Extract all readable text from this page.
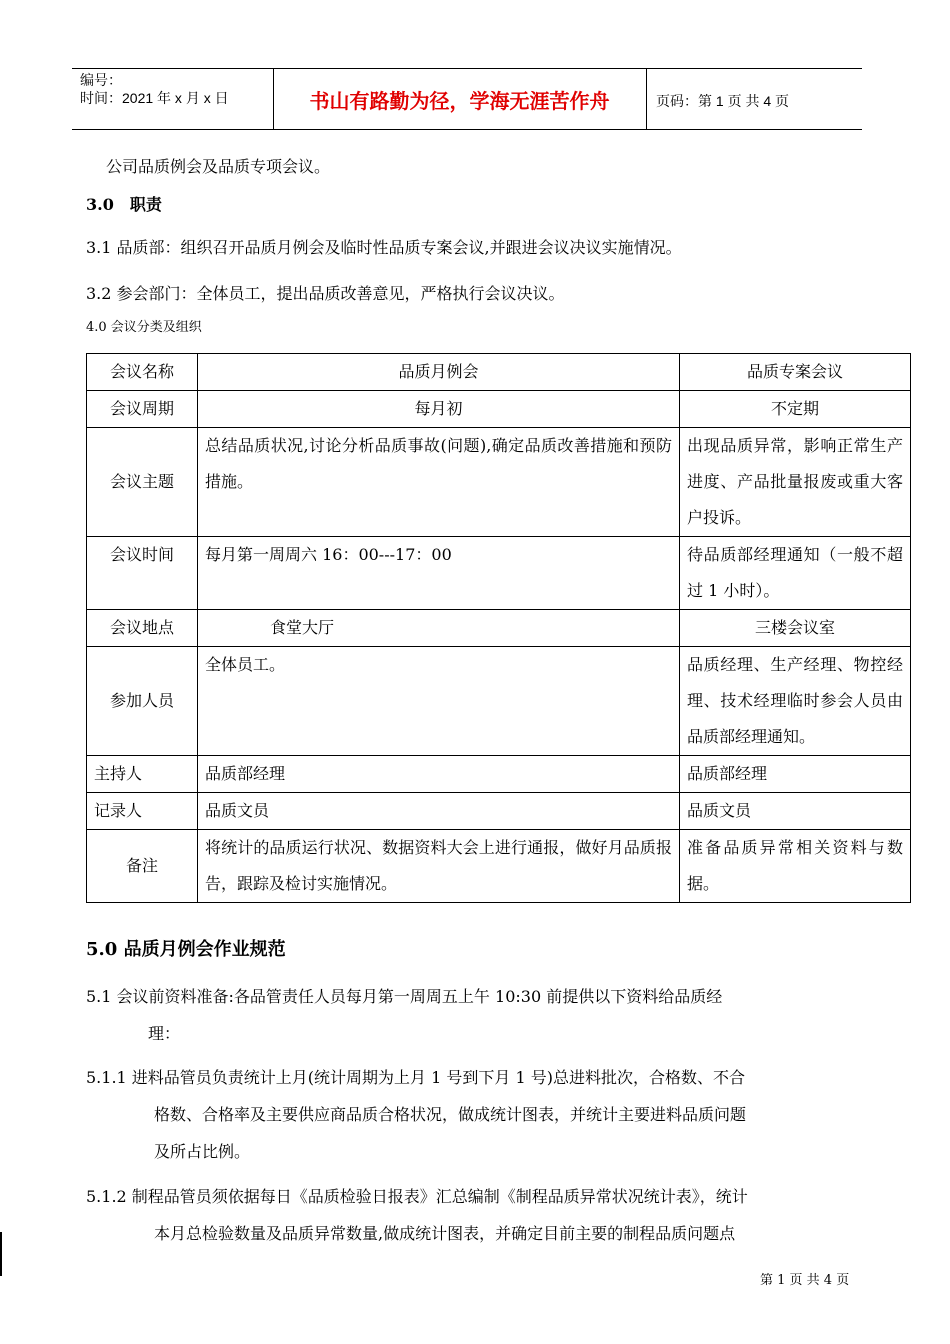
编号：
时间：2021 年 x 月 x 日	书山有路勤为径，学海无涯苦作舟	页码：第 1 页 共 4 页
公司品质例会及品质专项会议。
3.0　职责
3.1 品质部：组织召开品质月例会及临时性品质专案会议,并跟进会议决议实施情况。
3.2 参会部门：全体员工，提出品质改善意见，严格执行会议决议。
4.0 会议分类及组织
会议名称	品质月例会	品质专案会议
会议周期	每月初	不定期
会议主题	总结品质状况,讨论分析品质事故(问题),确定品质改善措施和预防措施。	出现品质异常，影响正常生产进度、产品批量报废或重大客户投诉。
会议时间	每月第一周周六 16：00---17：00	待品质部经理通知（一般不超过 1 小时）。
会议地点	食堂大厅	三楼会议室
参加人员	全体员工。	品质经理、生产经理、物控经理、技术经理临时参会人员由品质部经理通知。
主持人	品质部经理	品质部经理
记录人	品质文员	品质文员
备注	将统计的品质运行状况、数据资料大会上进行通报，做好月品质报告，跟踪及检讨实施情况。	准备品质异常相关资料与数据。
5.0 品质月例会作业规范
5.1 会议前资料准备:各品管责任人员每月第一周周五上午 10:30 前提供以下资料给品质经
理：
5.1.1 进料品管员负责统计上月(统计周期为上月 1 号到下月 1 号)总进料批次，合格数、不合
格数、合格率及主要供应商品质合格状况，做成统计图表，并统计主要进料品质问题
及所占比例。
5.1.2 制程品管员须依据每日《品质检验日报表》汇总编制《制程品质异常状况统计表》，统计
本月总检验数量及品质异常数量,做成统计图表，并确定目前主要的制程品质问题点
第 1 页 共 4 页
